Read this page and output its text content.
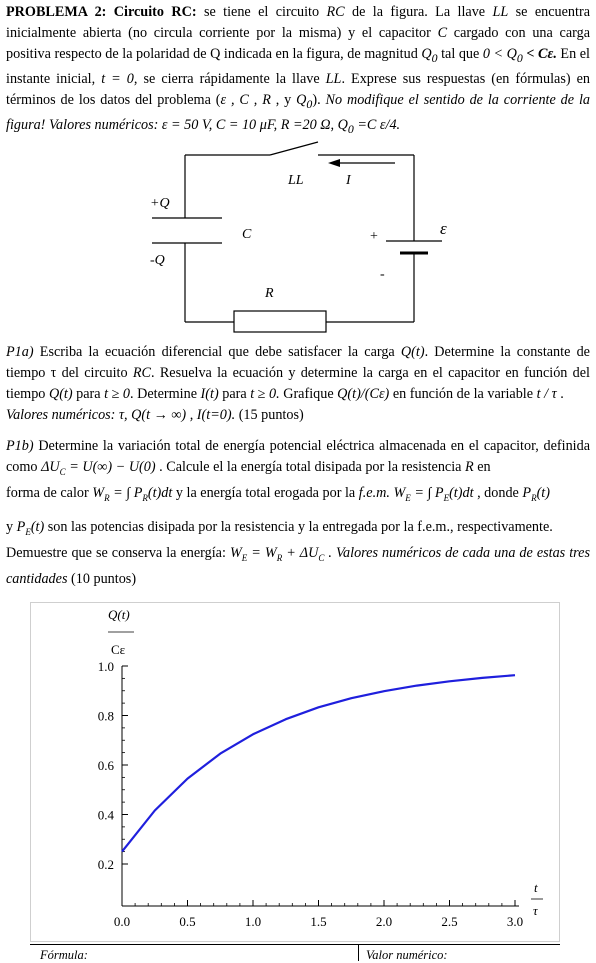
PROBLEMA 2: Circuito RC: se tiene el circuito RC de la figura. La llave LL se encuentra inicialmente abierta (no circula corriente por la misma) y el capacitor C cargado con una carga positiva respecto de la polaridad de Q indicada en la figura, de magnitud $Q_0$ tal que $0 < Q_0 < C\varepsilon$. En el instante inicial, t = 0, se cierra rápidamente la llave LL. Exprese sus respuestas (en fórmulas) en términos de los datos del problema (ε , C , R , y $Q_0$). No modifique el sentido de la corriente de la figura! Valores numéricos: ε = 50 V, C = 10 μF, R =20 Ω, $Q_0 =C$ ε/4.

LL	I
+Q
-Q
C
R
+
-
ε

P1a) Escriba la ecuación diferencial que debe satisfacer la carga Q(t). Determine la constante de tiempo τ del circuito RC. Resuelva la ecuación y determine la carga en el capacitor en función del tiempo Q(t) para t ≥ 0. Determine I(t) para t ≥ 0. Grafique Q(t)/(Cε) en función de la variable t / τ .
Valores numéricos: τ, Q(t → ∞) , I(t=0). (15 puntos)

P1b) Determine la variación total de energía potencial eléctrica almacenada en el capacitor, definida como $\Delta U_C = U(\infty) - U(0)$ . Calcule el la energía total disipada por la resistencia R en

forma de calor $W_R$ = ∫ $P_R(t)dt$ y la energía total erogada por la f.e.m. $W_E$ = ∫ $P_E(t)dt$ , donde $P_R(t)$

y $P_E(t)$ son las potencias disipada por la resistencia y la entregada por la f.e.m., respectivamente.
Demuestre que se conserva la energía: $W_E = W_R + \Delta U_C$ . Valores numéricos de cada una de estas tres cantidades (10 puntos)

0.0	0.5	1.0	1.5	2.0	2.5	3.0
0.2
0.4
0.6
0.8
1.0
Q(t)
Cε
t
τ
Fórmula:	Valor numérico:
